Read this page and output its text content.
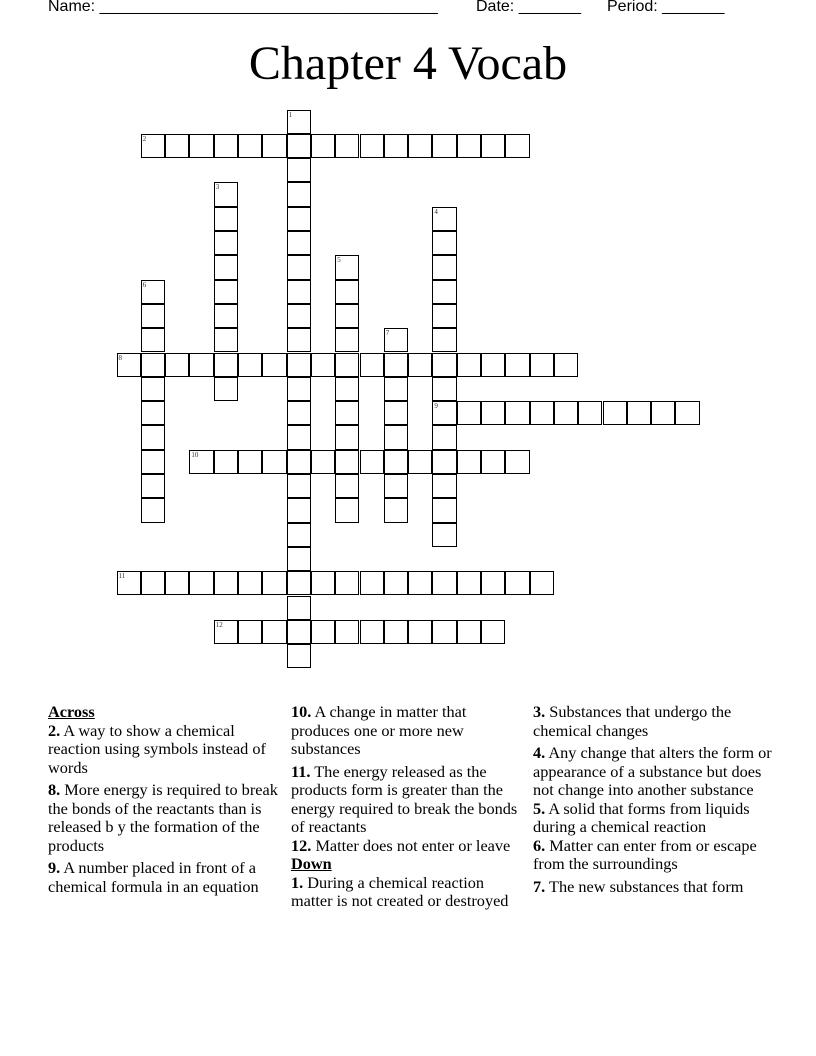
Name: ______________________________________ Date: _______ Period: _______
Chapter 4 Vocab
1
2
3
4
9
5
6
7
8
10
11
12
Across

2. A way to show a chemical reaction using symbols instead of words

8. More energy is required to break the bonds of the reactants than is released b y the formation of the products

9. A number placed in front of a chemical formula in an equation

10. A change in matter that produces one or more new substances

11. The energy released as the products form is greater than the energy required to break the bonds of reactants

12. Matter does not enter or leave

Down

1. During a chemical reaction matter is not created or destroyed

3. Substances that undergo the chemical changes

4. Any change that alters the form or appearance of a substance but does not change into another substance

5. A solid that forms from liquids during a chemical reaction

6. Matter can enter from or escape from the surroundings

7. The new substances that form
